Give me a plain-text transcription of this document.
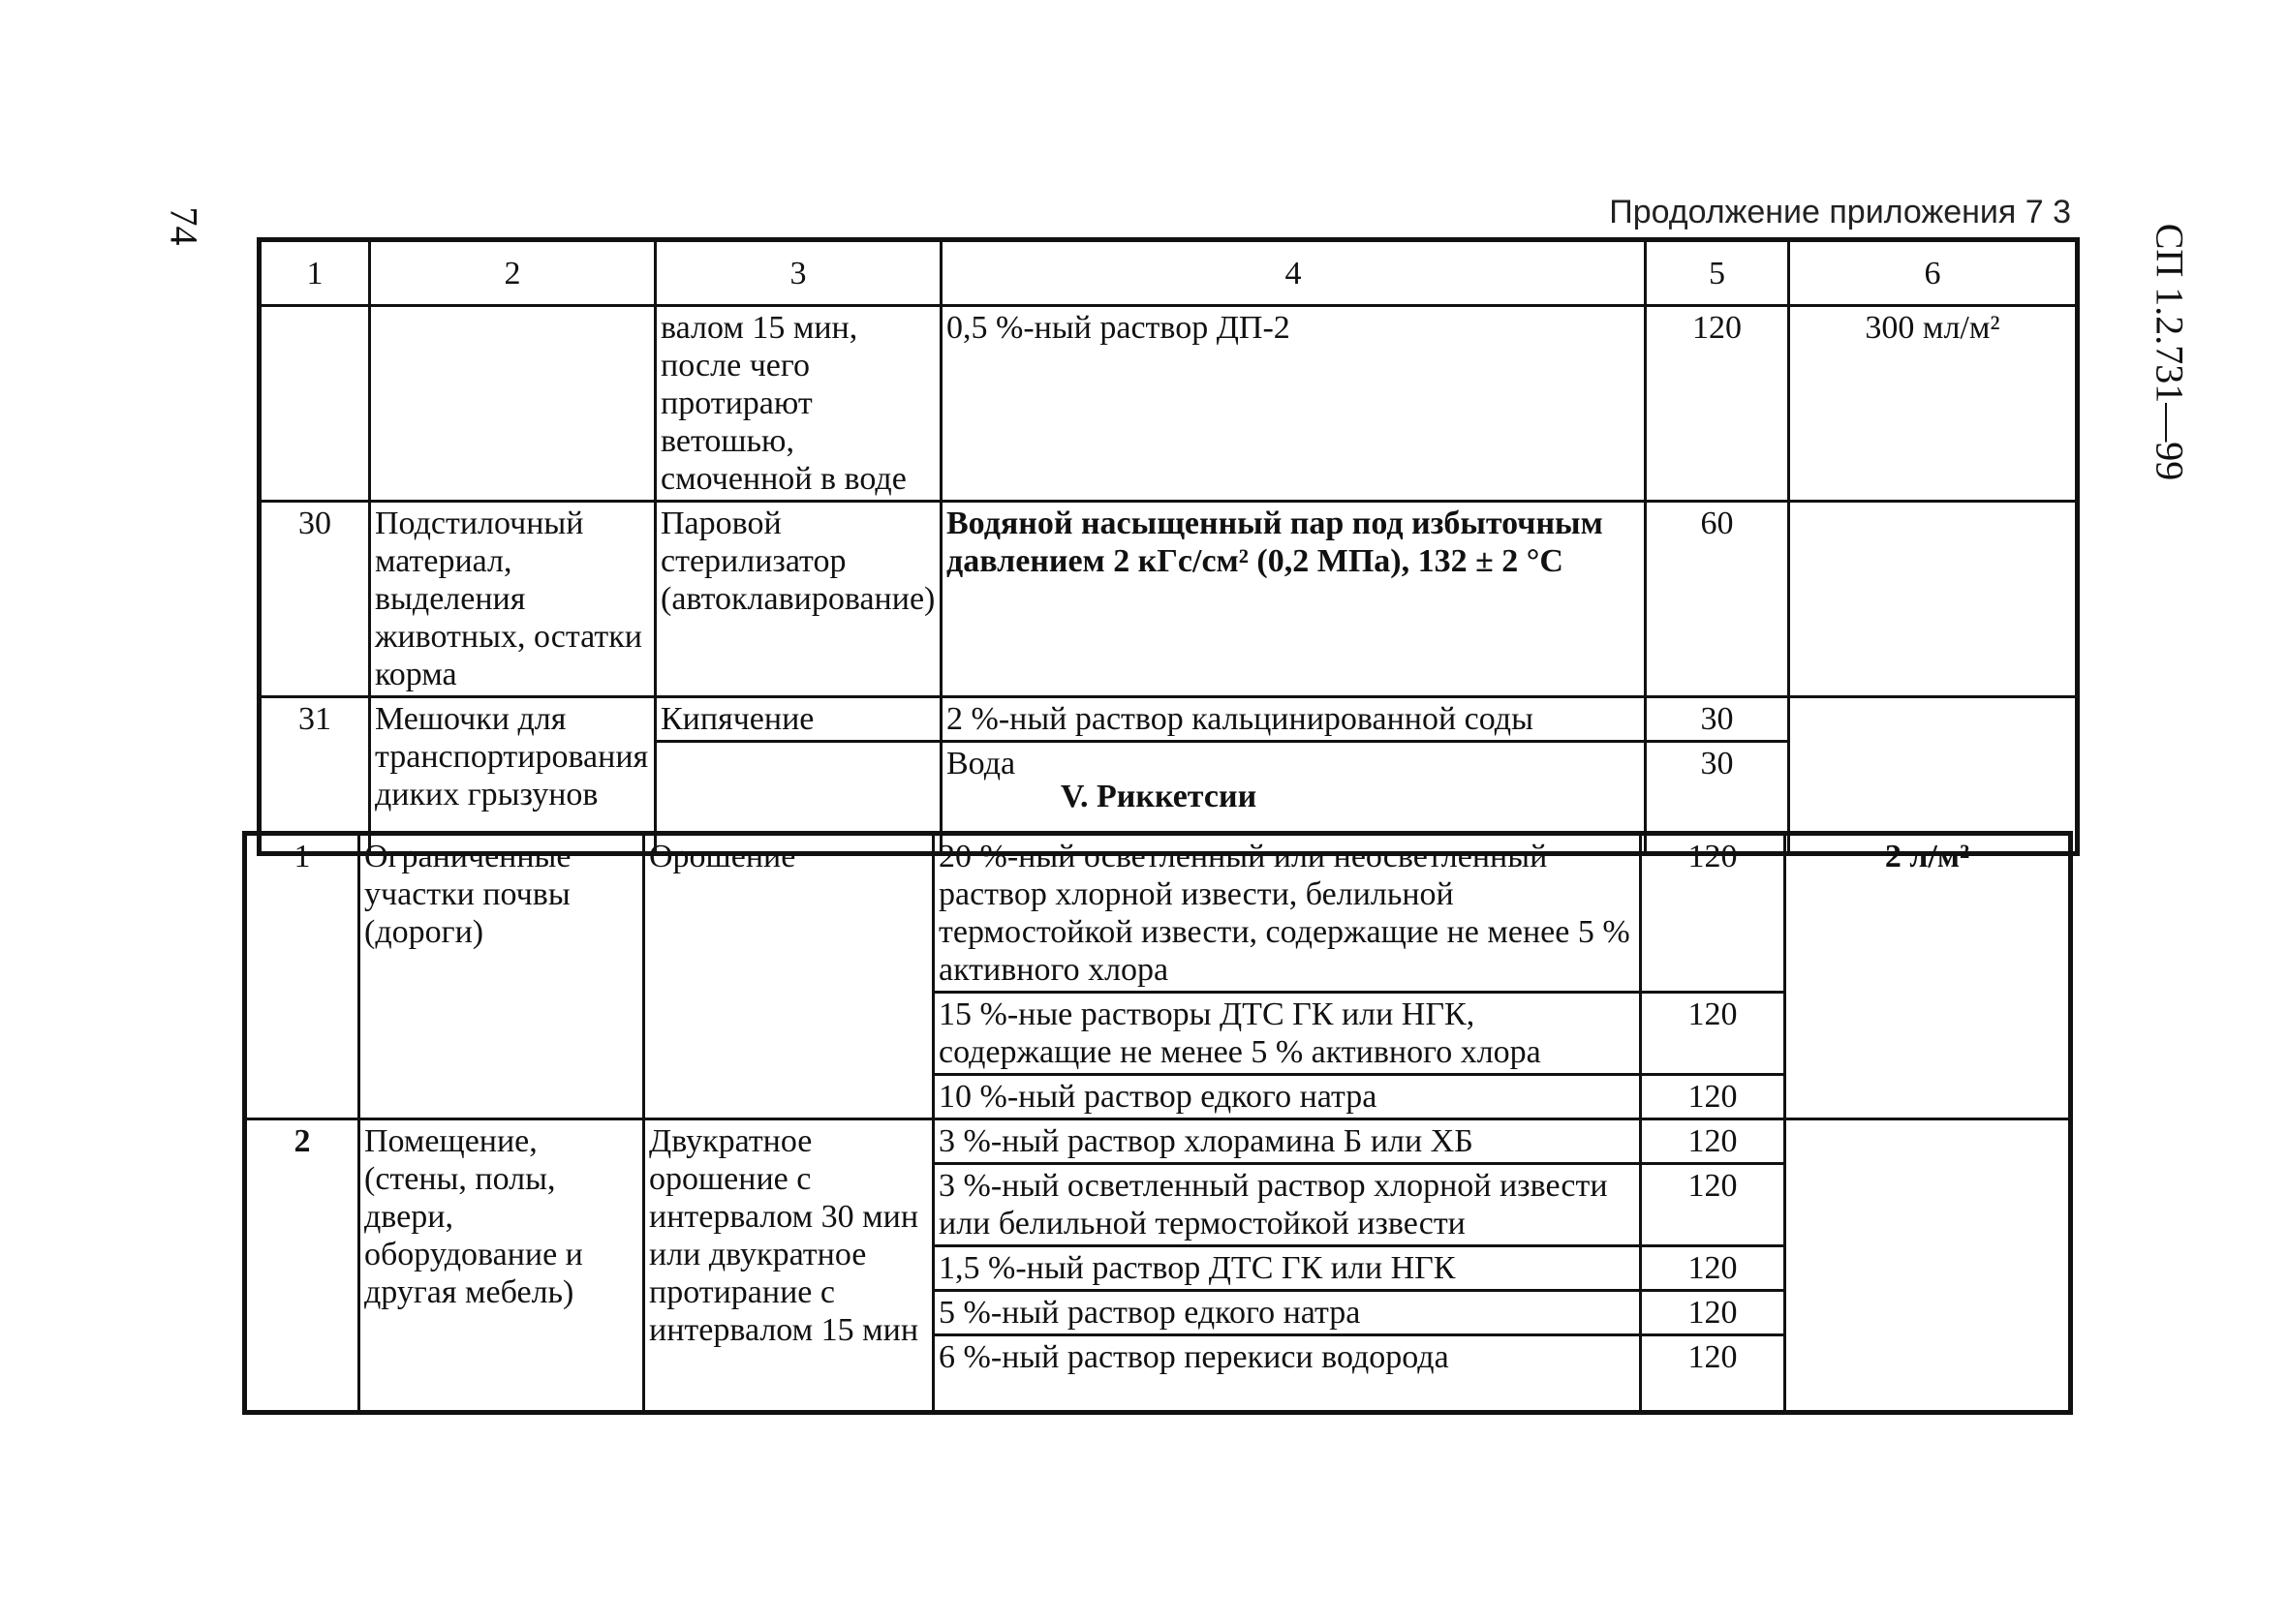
Продолжение приложения 7 3
74	СП 1.2.731—99
1	2	3	4	5	6
		валом 15 мин, после чего протирают ветошью, смоченной в воде	0,5 %-ный раствор ДП-2	120	300 мл/м²
30	Подстилочный материал, выделения животных, остатки корма	Паровой стерилизатор (автоклавирование)	Водяной насыщенный пар под избыточным давлением 2 кГс/см² (0,2 МПа), 132 ± 2 °С	60	
31	Мешочки для транспортирования диких грызунов	Кипячение	2 %-ный раствор кальцинированной соды	30	
			Вода	30	
V. Риккетсии
1	Ограниченные участки почвы (дороги)	Орошение	20 %-ный осветленный или неосветленный раствор хлорной извести, белильной термостойкой извести, содержащие не менее 5 % активного хлора	120	2 л/м²
			15 %-ные растворы ДТС ГК или НГК, содержащие не менее 5 % активного хлора	120	
			10 %-ный раствор едкого натра	120	
2	Помещение, (стены, полы, двери, оборудование и другая мебель)	Двукратное орошение с интервалом 30 мин или двукратное протирание с интервалом 15 мин	3 %-ный раствор хлорамина Б или ХБ	120	
			3 %-ный осветленный раствор хлорной извести или белильной термостойкой извести	120	
			1,5 %-ный раствор ДТС ГК или НГК	120	
			5 %-ный раствор едкого натра	120	
			6 %-ный раствор перекиси водорода	120	
